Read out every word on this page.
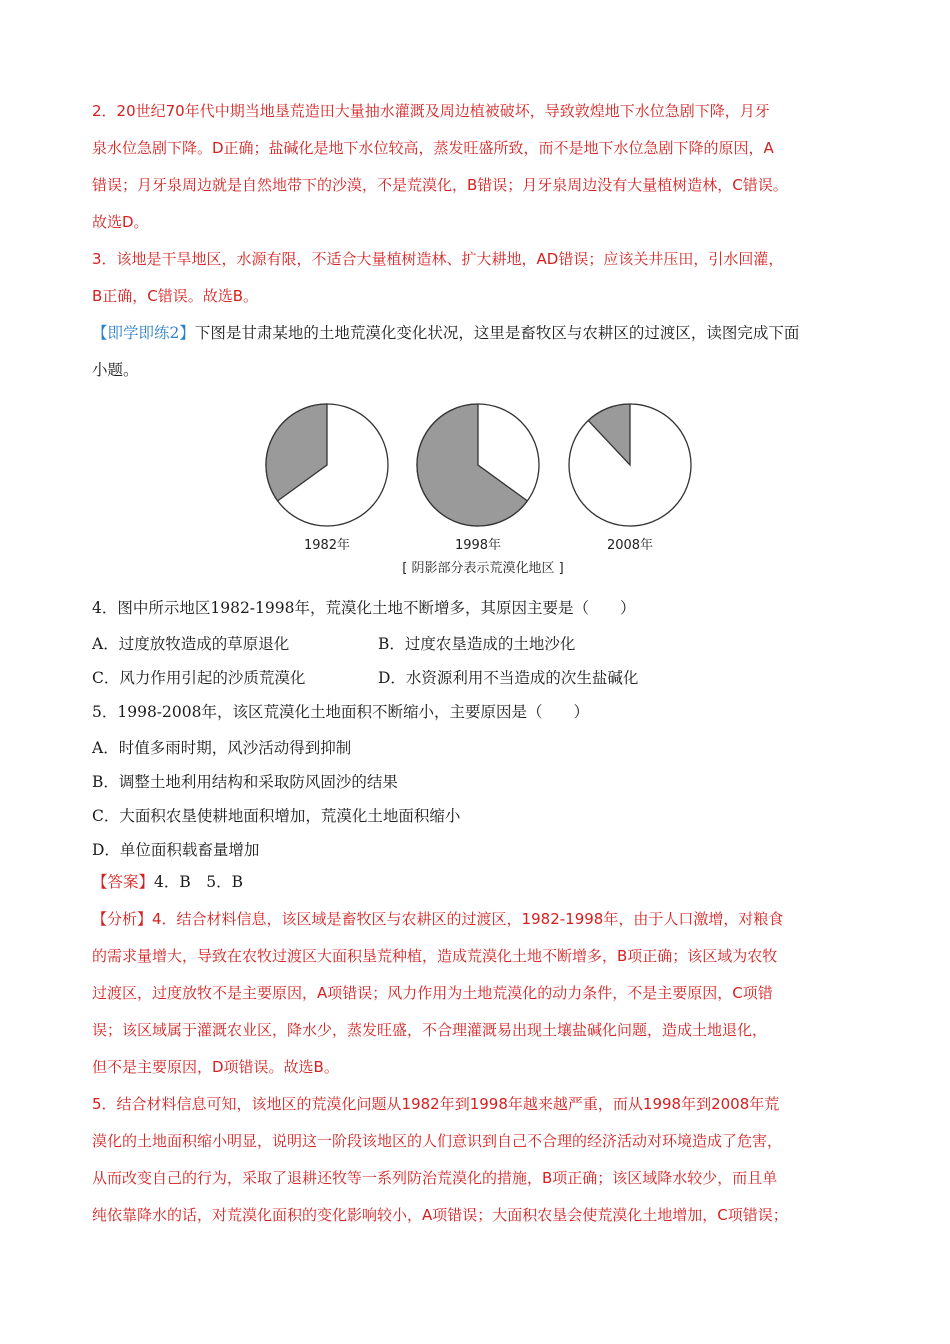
2．20世纪70年代中期当地垦荒造田大量抽水灌溉及周边植被破坏，导致敦煌地下水位急剧下降，月牙
泉水位急剧下降。D正确；盐碱化是地下水位较高，蒸发旺盛所致，而不是地下水位急剧下降的原因，A
错误；月牙泉周边就是自然地带下的沙漠，不是荒漠化，B错误；月牙泉周边没有大量植树造林，C错误。
故选D。
3．该地是干旱地区，水源有限，不适合大量植树造林、扩大耕地，AD错误；应该关井压田，引水回灌，
B正确，C错误。故选B。
【即学即练2】下图是甘肃某地的土地荒漠化变化状况，这里是畜牧区与农耕区的过渡区，读图完成下面
小题。
1982年	1998年	2008年
[ 阴影部分表示荒漠化地区 ]
4．图中所示地区1982-1998年，荒漠化土地不断增多，其原因主要是（　　）
A．过度放牧造成的草原退化	B．过度农垦造成的土地沙化
C．风力作用引起的沙质荒漠化	D．水资源利用不当造成的次生盐碱化
5．1998-2008年，该区荒漠化土地面积不断缩小，主要原因是（　　）
A．时值多雨时期，风沙活动得到抑制
B．调整土地利用结构和采取防风固沙的结果
C．大面积农垦使耕地面积增加，荒漠化土地面积缩小
D．单位面积载畜量增加
【答案】4．B　5．B
【分析】4．结合材料信息，该区域是畜牧区与农耕区的过渡区，1982-1998年，由于人口激增，对粮食
的需求量增大，导致在农牧过渡区大面积垦荒种植，造成荒漠化土地不断增多，B项正确；该区域为农牧
过渡区，过度放牧不是主要原因，A项错误；风力作用为土地荒漠化的动力条件，不是主要原因，C项错
误；该区域属于灌溉农业区，降水少，蒸发旺盛，不合理灌溉易出现土壤盐碱化问题，造成土地退化，
但不是主要原因，D项错误。故选B。
5．结合材料信息可知，该地区的荒漠化问题从1982年到1998年越来越严重，而从1998年到2008年荒
漠化的土地面积缩小明显，说明这一阶段该地区的人们意识到自己不合理的经济活动对环境造成了危害，
从而改变自己的行为，采取了退耕还牧等一系列防治荒漠化的措施，B项正确；该区域降水较少，而且单
纯依靠降水的话，对荒漠化面积的变化影响较小，A项错误；大面积农垦会使荒漠化土地增加，C项错误；
